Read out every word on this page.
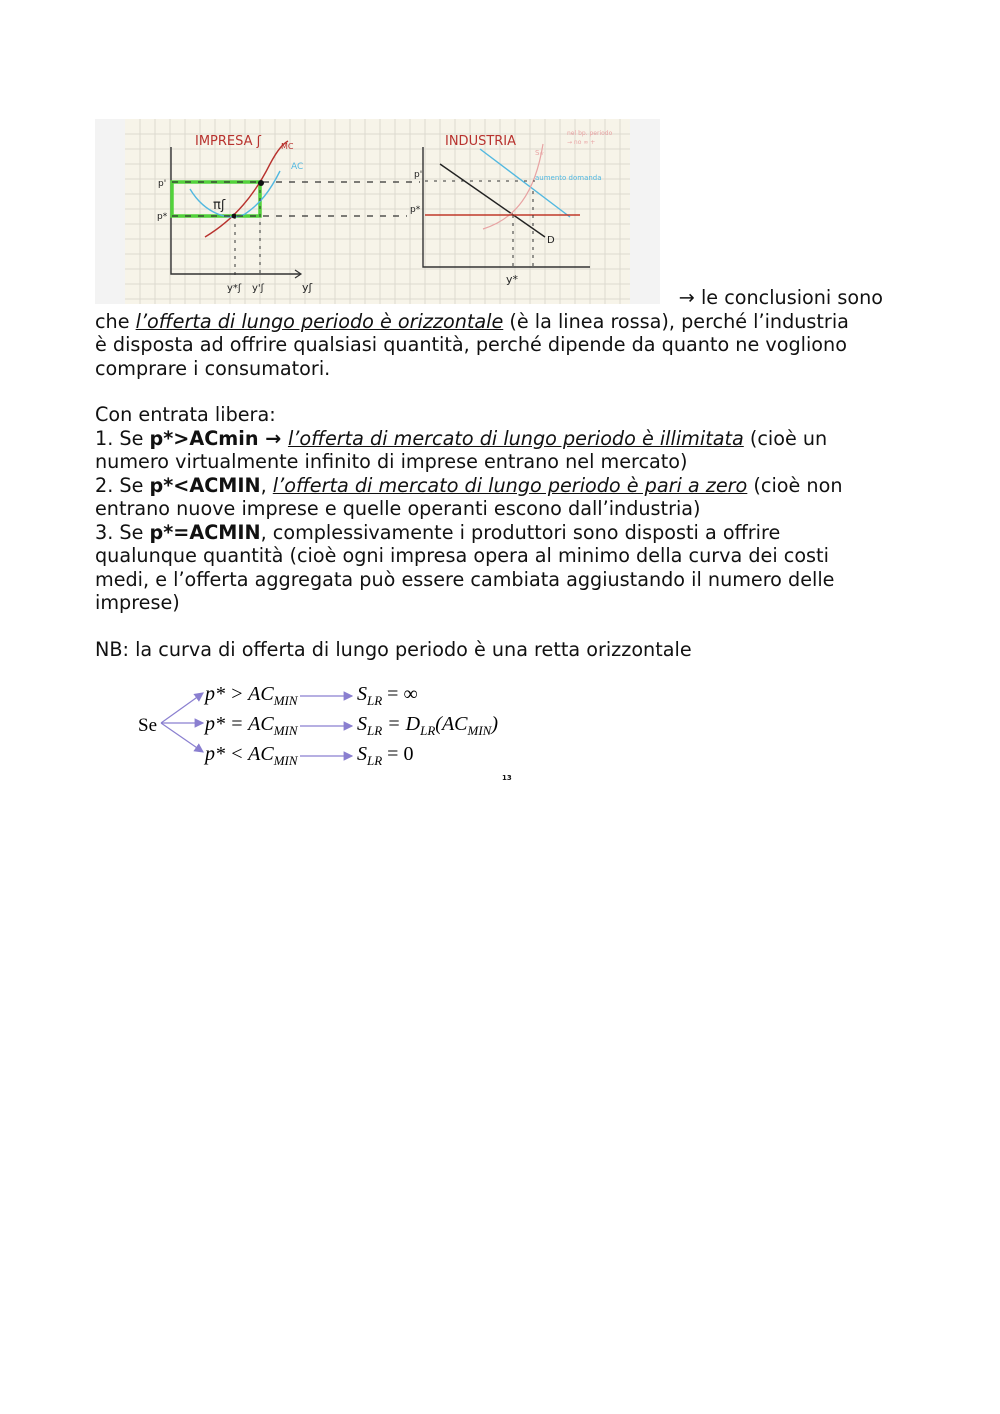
IMPRESA ʃ MC
AC
p'
p*
πʃ
y*ʃ y'ʃ	yʃ
INDUSTRIA
Sₛᵣ
nel bp. periodo
→ no ∞ +
aumento domanda
p'
p*
D
y*
→ le conclusioni sono
che l’offerta di lungo periodo è orizzontale (è la linea rossa), perché l’industria
è disposta ad offrire qualsiasi quantità, perché dipende da quanto ne vogliono
comprare i consumatori.
Con entrata libera:
1. Se p*>ACmin → l’offerta di mercato di lungo periodo è illimitata (cioè un
numero virtualmente infinito di imprese entrano nel mercato)
2. Se p*<ACMIN, l’offerta di mercato di lungo periodo è pari a zero (cioè non
entrano nuove imprese e quelle operanti escono dall’industria)
3. Se p*=ACMIN, complessivamente i produttori sono disposti a offrire
qualunque quantità (cioè ogni impresa opera al minimo della curva dei costi
medi, e l’offerta aggregata può essere cambiata aggiustando il numero delle
imprese)
NB: la curva di offerta di lungo periodo è una retta orizzontale
Se
$p* > AC_{MIN}$	$S_{LR}$ = ∞
$p* = AC_{MIN}$	$S_{LR} = D_{LR}(AC_{MIN})$
$p* < AC_{MIN}$	$S_{LR} = 0$
13
